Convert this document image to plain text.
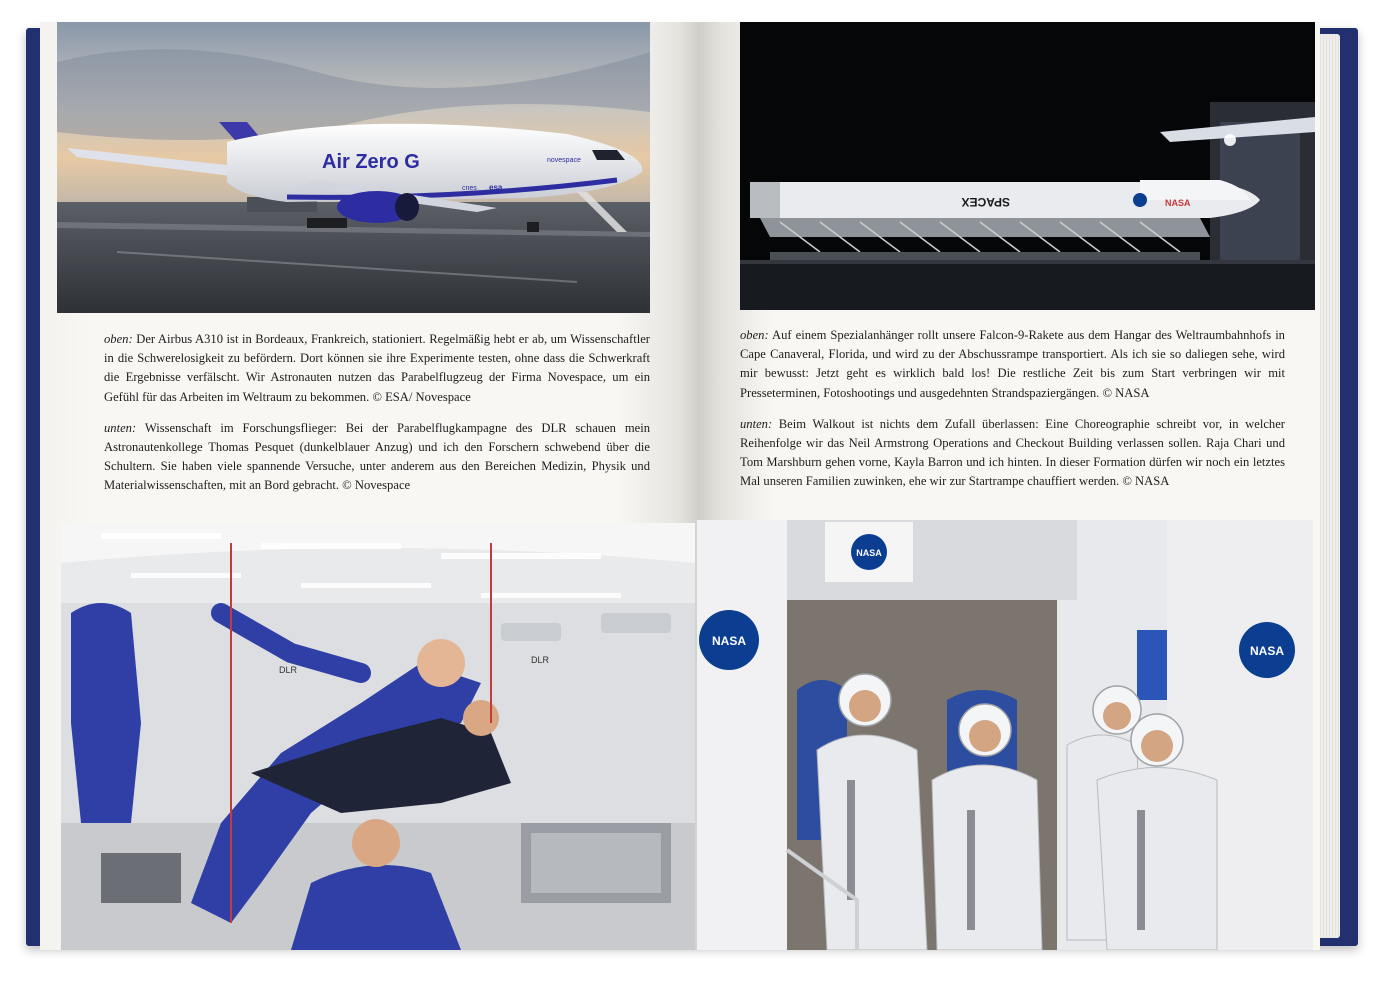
Air Zero G	novespace
cnes esa

oben: Der Airbus A310 ist in Bordeaux, Frankreich, stationiert. Regelmäßig hebt er ab, um Wissenschaftler in die Schwerelosigkeit zu befördern. Dort können sie ihre Experimente testen, ohne dass die Schwerkraft die Ergebnisse verfälscht. Wir Astronauten nutzen das Parabelflugzeug der Firma Novespace, um ein Gefühl für das Arbeiten im Weltraum zu bekommen. © ESA/ Novespace

unten: Wissenschaft im Forschungsflieger: Bei der Parabelflugkampagne des DLR schauen mein Astronautenkollege Thomas Pesquet (dunkelblauer Anzug) und ich den Forschern schwebend über die Schultern. Sie haben viele spannende Versuche, unter anderem aus den Bereichen Medizin, Physik und Materialwissenschaften, mit an Bord gebracht. © Novespace

DLR
DLR
SPACEX	NASA

oben: Auf einem Spezialanhänger rollt unsere Falcon-9-Rakete aus dem Hangar des Weltraumbahnhofs in Cape Canaveral, Florida, und wird zu der Abschussrampe transportiert. Als ich sie so daliegen sehe, wird mir bewusst: Jetzt geht es wirklich bald los! Die restliche Zeit bis zum Start verbringen wir mit Presseterminen, Fotoshootings und ausgedehnten Strandspaziergängen. © NASA

unten: Beim Walkout ist nichts dem Zufall überlassen: Eine Choreographie schreibt vor, in welcher Reihenfolge wir das Neil Armstrong Operations and Checkout Building verlassen sollen. Raja Chari und Tom Marshburn gehen vorne, Kayla Barron und ich hinten. In dieser Formation dürfen wir noch ein letztes Mal unseren Familien zuwinken, ehe wir zur Startrampe chauffiert werden. © NASA

NASA
NASA
NASA
